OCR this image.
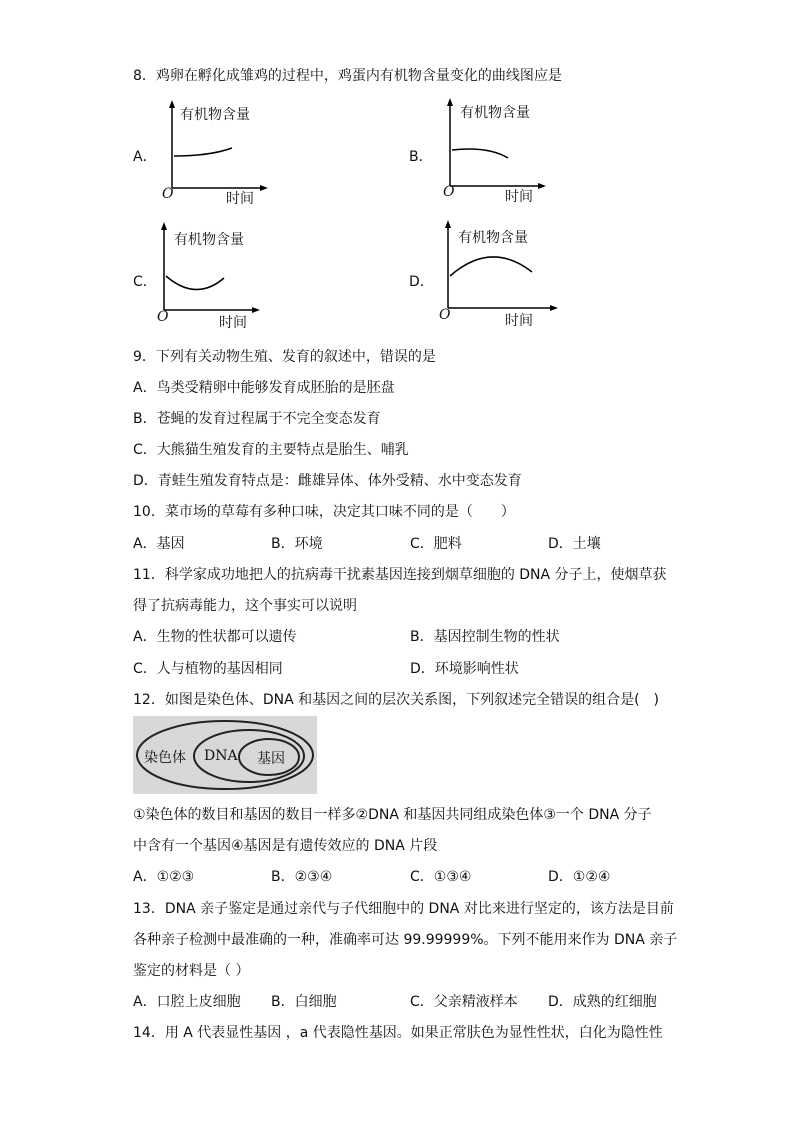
8．鸡卵在孵化成雏鸡的过程中，鸡蛋内有机物含量变化的曲线图应是
A．
有机物含量
O	时间
B．
有机物含量
O	时间
C．
有机物含量
O	时间
D．
有机物含量
O	时间
9．下列有关动物生殖、发育的叙述中，错误的是
A．鸟类受精卵中能够发育成胚胎的是胚盘
B．苍蝇的发育过程属于不完全变态发育
C．大熊猫生殖发育的主要特点是胎生、哺乳
D．青蛙生殖发育特点是：雌雄异体、体外受精、水中变态发育
10．菜市场的草莓有多种口味，决定其口味不同的是（　　）
A．基因	B．环境	C．肥料	D．土壤
11．科学家成功地把人的抗病毒干扰素基因连接到烟草细胞的 DNA 分子上，使烟草获
得了抗病毒能力，这个事实可以说明
A．生物的性状都可以遗传	B．基因控制生物的性状
C．人与植物的基因相同	D．环境影响性状
12．如图是染色体、DNA 和基因之间的层次关系图，下列叙述完全错误的组合是(　)
染色体 DNA 基因
①染色体的数目和基因的数目一样多②DNA 和基因共同组成染色体③一个 DNA 分子
中含有一个基因④基因是有遗传效应的 DNA 片段
A．①②③	B．②③④	C．①③④	D．①②④
13．DNA 亲子鉴定是通过亲代与子代细胞中的 DNA 对比来进行坚定的，该方法是目前
各种亲子检测中最准确的一种，准确率可达 99.99999%。下列不能用来作为 DNA 亲子
鉴定的材料是（ ）
A．口腔上皮细胞 B．白细胞	C．父亲精液样本 D．成熟的红细胞
14．用 A 代表显性基因 ，a 代表隐性基因。如果正常肤色为显性性状，白化为隐性性
